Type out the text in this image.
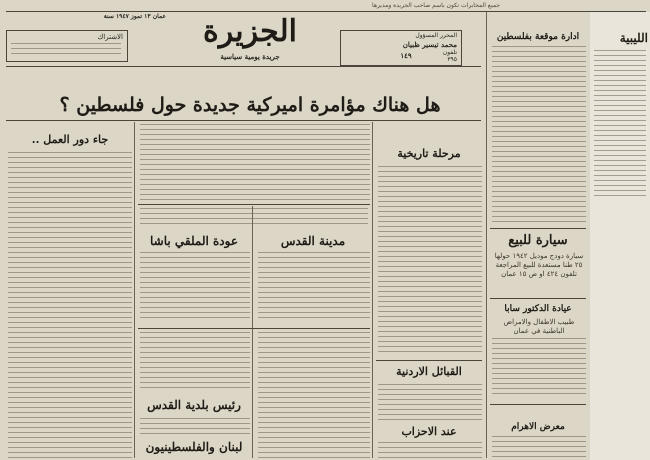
جميع المخابرات تكون باسم صاحب الجريدة ومديرها
الجزيرة
جريدة يومية سياسية
الاشتراك
عمان ١٣ تموز ١٩٤٧ سنة
المحرر المسؤول
محمد تيسير ظبيان
١٤٩	تلفون
٣٩٥
الليبية
ادارة موقعة بفلسطين
سيارة للبيع
سيارة دودج موديل ١٩٤٢ حولها ٢٥ طنا مستعدة للبيع المراجعة تلفون ٤٢٤ او ص ١٥ عمان
عيادة الدكتور سابا
طبيب الاطفال والامراض الباطنية في عمان
معرض الاهرام
هل هناك مؤامرة اميركية جديدة حول فلسطين ؟
جاء دور العمل ..
مرحلة تاريخية
القبائل الاردنية
عند الاحزاب
مدينة القدس
عودة الملقي باشا
رئيس بلدية القدس
لبنان والفلسطينيون
